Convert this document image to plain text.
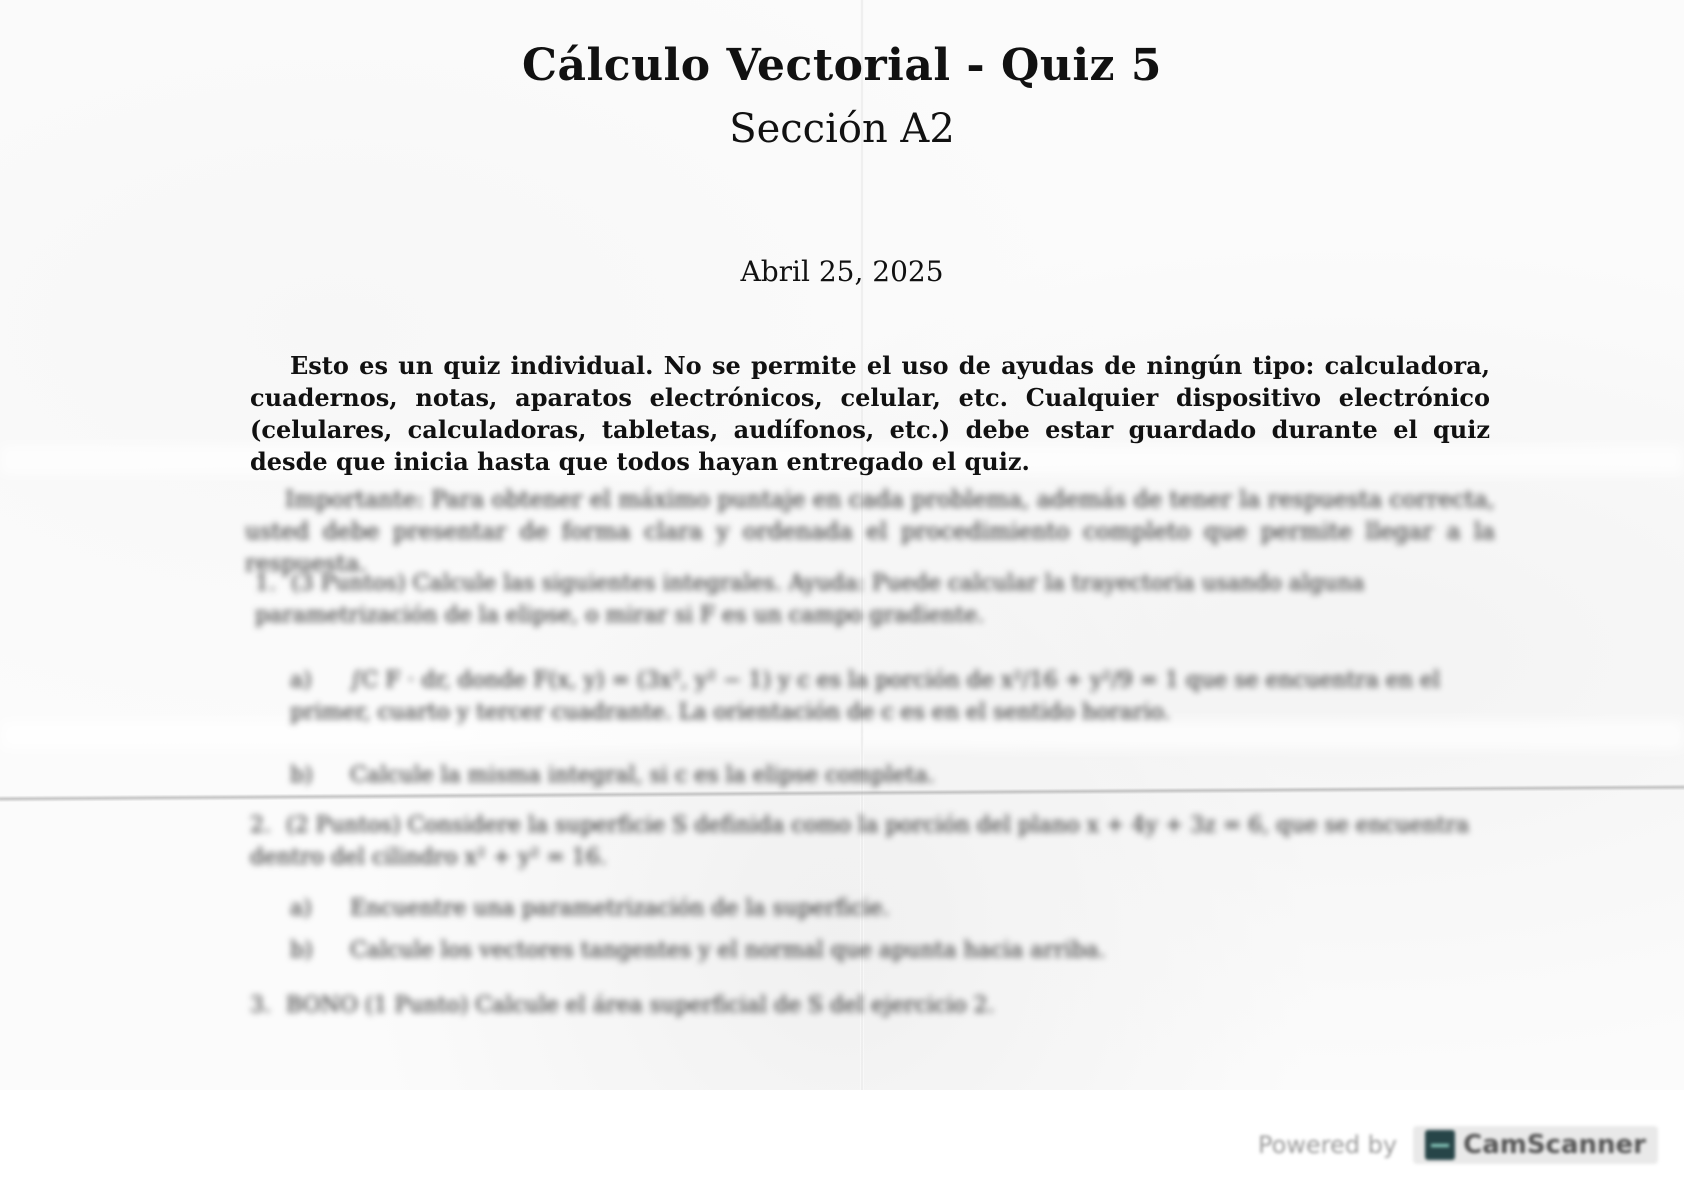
Cálculo Vectorial - Quiz 5
Sección A2
Abril 25, 2025
Esto es un quiz individual. No se permite el uso de ayudas de ningún tipo: calculadora, cuadernos, notas, aparatos electrónicos, celular, etc. Cualquier dispositivo electrónico (celulares, calculadoras, tabletas, audífonos, etc.) debe estar guardado durante el quiz desde que inicia hasta que todos hayan entregado el quiz.
Importante: Para obtener el máximo puntaje en cada problema, además de tener la respuesta correcta, usted debe presentar de forma clara y ordenada el procedimiento completo que permite llegar a la respuesta.
1. (3 Puntos) Calcule las siguientes integrales. Ayuda: Puede calcular la trayectoria usando alguna parametrización de la elipse, o mirar si F es un campo gradiente.
a) ∫C F · dr, donde F(x, y) = (3x², y² − 1) y c es la porción de x²/16 + y²/9 = 1 que se encuentra en el primer, cuarto y tercer cuadrante. La orientación de c es en el sentido horario.
b) Calcule la misma integral, si c es la elipse completa.
2. (2 Puntos) Considere la superficie S definida como la porción del plano x + 4y + 3z = 6, que se encuentra dentro del cilindro x² + y² = 16.
a) Encuentre una parametrización de la superficie.
b) Calcule los vectores tangentes y el normal que apunta hacia arriba.
3. BONO (1 Punto) Calcule el área superficial de S del ejercicio 2.
Powered by	CamScanner
